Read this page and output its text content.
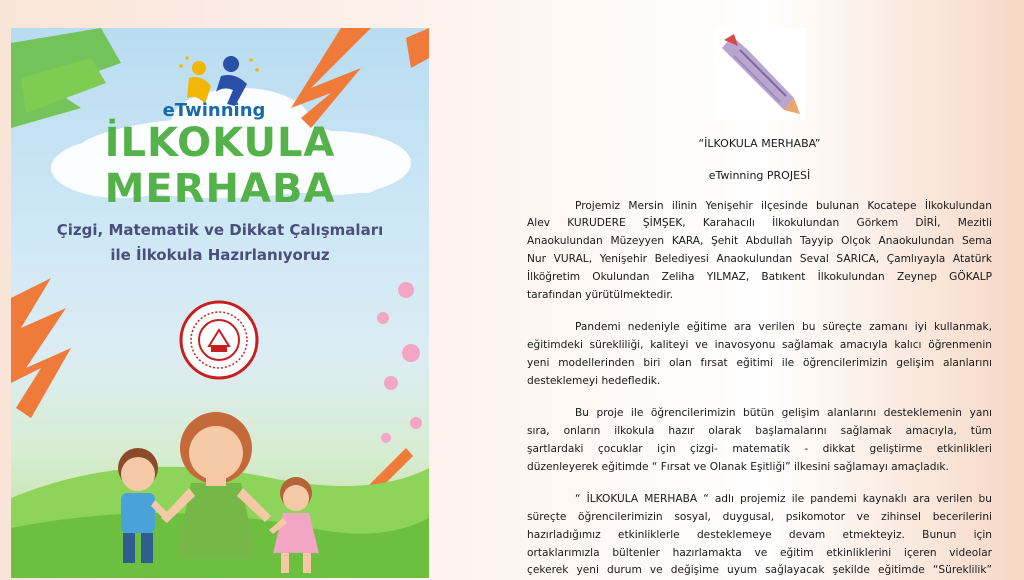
eTwinning
İLKOKULA MERHABA
Çizgi, Matematik ve Dikkat Çalışmaları
ile İlkokula Hazırlanıyoruz
“İLKOKULA MERHABA”
eTwinning PROJESİ
Projemiz Mersin ilinin Yenişehir ilçesinde bulunan Kocatepe İlkokulundan
Alev KURUDERE ŞİMŞEK, Karahacılı İlkokulundan Görkem DİRİ, Mezitli
Anaokulundan Müzeyyen KARA, Şehit Abdullah Tayyip Olçok Anaokulundan Sema
Nur VURAL, Yenişehir Belediyesi Anaokulundan Seval SARICA, Çamlıyayla Atatürk
İlköğretim Okulundan Zeliha YILMAZ, Batıkent İlkokulundan Zeynep GÖKALP
tarafından yürütülmektedir.
Pandemi nedeniyle eğitime ara verilen bu süreçte zamanı iyi kullanmak,
eğitimdeki sürekliliği, kaliteyi ve inavosyonu sağlamak amacıyla kalıcı öğrenmenin
yeni modellerinden biri olan fırsat eğitimi ile öğrencilerimizin gelişim alanlarını
desteklemeyi hedefledik.
Bu proje ile öğrencilerimizin bütün gelişim alanlarını desteklemenin yanı
sıra, onların ilkokula hazır olarak başlamalarını sağlamak amacıyla, tüm
şartlardaki çocuklar için çizgi- matematik - dikkat geliştirme etkinlikleri
düzenleyerek eğitimde “ Fırsat ve Olanak Eşitliği” ilkesini sağlamayı amaçladık.
“ İLKOKULA MERHABA “ adlı projemiz ile pandemi kaynaklı ara verilen bu
süreçte öğrencilerimizin sosyal, duygusal, psikomotor ve zihinsel becerilerini
hazırladığımız etkinliklerle desteklemeye devam etmekteyiz. Bunun için
ortaklarımızla bültenler hazırlamakta ve eğitim etkinliklerini içeren videolar
çekerek yeni durum ve değişime uyum sağlayacak şekilde eğitimde “Süreklilik”
